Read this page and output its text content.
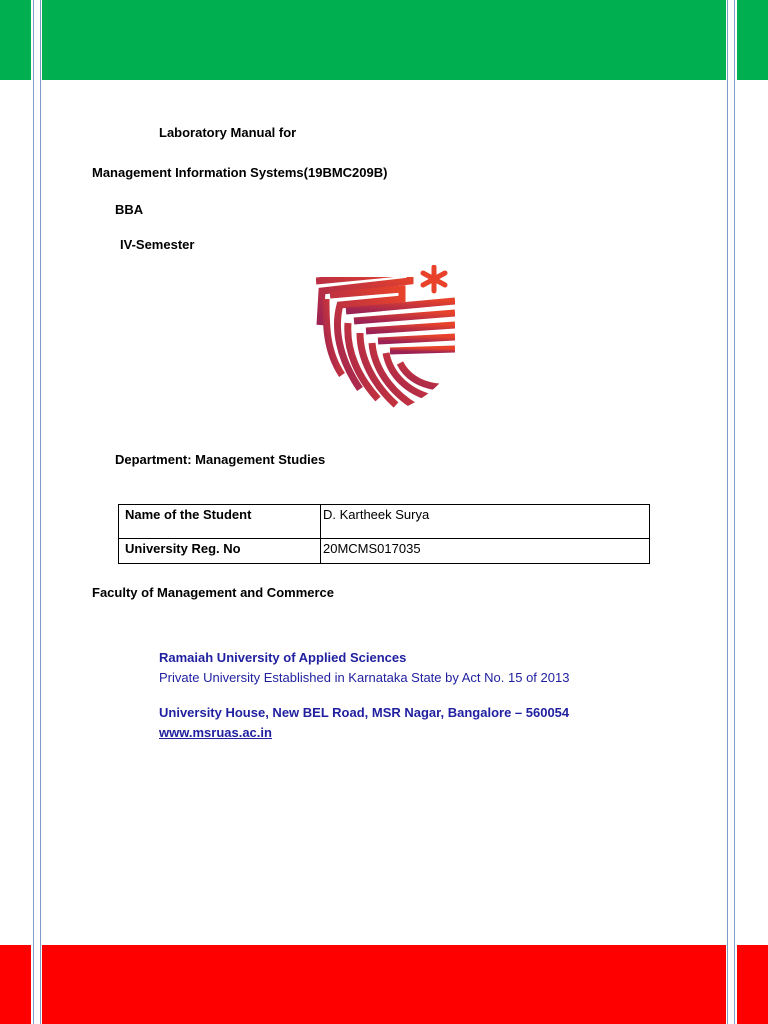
Laboratory Manual for
Management Information Systems(19BMC209B)
BBA
IV-Semester
Department: Management Studies
Name of the Student	D. Kartheek Surya
University Reg. No	20MCMS017035
Faculty of Management and Commerce
Ramaiah University of Applied Sciences
Private University Established in Karnataka State by Act No. 15 of 2013
University House, New BEL Road, MSR Nagar, Bangalore – 560054
www.msruas.ac.in
